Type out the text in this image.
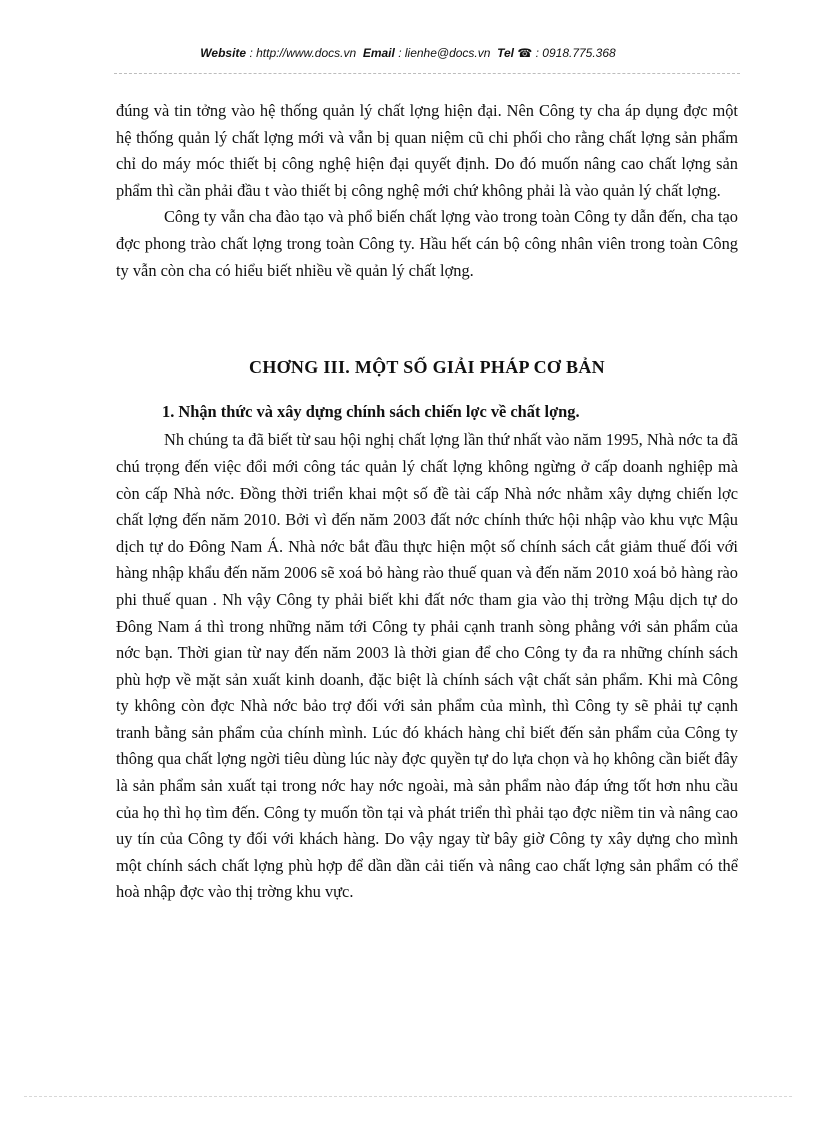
Website : http://www.docs.vn Email : lienhe@docs.vn Tel ☎ : 0918.775.368

đúng và tin tởng vào hệ thống quản lý chất lợng hiện đại. Nên Công ty cha áp dụng đợc một hệ thống quản lý chất lợng mới và vẫn bị quan niệm cũ chi phối cho rằng chất lợng sản phẩm chỉ do máy móc thiết bị công nghệ hiện đại quyết định. Do đó muốn nâng cao chất lợng sản phẩm thì cần phải đầu t vào thiết bị công nghệ mới chứ không phải là vào quản lý chất lợng.

Công ty vẫn cha đào tạo và phổ biến chất lợng vào trong toàn Công ty dẫn đến, cha tạo đợc phong trào chất lợng trong toàn Công ty. Hầu hết cán bộ công nhân viên trong toàn Công ty vẫn còn cha có hiểu biết nhiều về quản lý chất lợng.

CHƠNG III. MỘT SỐ GIẢI PHÁP CƠ BẢN
1. Nhận thức và xây dựng chính sách chiến lợc về chất lợng.

Nh chúng ta đã biết từ sau hội nghị chất lợng lần thứ nhất vào năm 1995, Nhà nớc ta đã chú trọng đến việc đổi mới công tác quản lý chất lợng không ngừng ở cấp doanh nghiệp mà còn cấp Nhà nớc. Đồng thời triển khai một số đề tài cấp Nhà nớc nhằm xây dựng chiến lợc chất lợng đến năm 2010. Bởi vì đến năm 2003 đất nớc chính thức hội nhập vào khu vực Mậu dịch tự do Đông Nam Á. Nhà nớc bắt đầu thực hiện một số chính sách cắt giảm thuế đối với hàng nhập khẩu đến năm 2006 sẽ xoá bỏ hàng rào thuế quan và đến năm 2010 xoá bỏ hàng rào phi thuế quan . Nh vậy Công ty phải biết khi đất nớc tham gia vào thị trờng Mậu dịch tự do Đông Nam á thì trong những năm tới Công ty phải cạnh tranh sòng phẳng với sản phẩm của nớc bạn. Thời gian từ nay đến năm 2003 là thời gian để cho Công ty đa ra những chính sách phù hợp về mặt sản xuất kinh doanh, đặc biệt là chính sách vật chất sản phẩm. Khi mà Công ty không còn đợc Nhà nớc bảo trợ đối với sản phẩm của mình, thì Công ty sẽ phải tự cạnh tranh bằng sản phẩm của chính mình. Lúc đó khách hàng chỉ biết đến sản phẩm của Công ty thông qua chất lợng ngời tiêu dùng lúc này đợc quyền tự do lựa chọn và họ không cần biết đây là sản phẩm sản xuất tại trong nớc hay nớc ngoài, mà sản phẩm nào đáp ứng tốt hơn nhu cầu của họ thì họ tìm đến. Công ty muốn tồn tại và phát triển thì phải tạo đợc niềm tin và nâng cao uy tín của Công ty đối với khách hàng. Do vậy ngay từ bây giờ Công ty xây dựng cho mình một chính sách chất lợng phù hợp để dần dần cải tiến và nâng cao chất lợng sản phẩm có thể hoà nhập đợc vào thị trờng khu vực.
